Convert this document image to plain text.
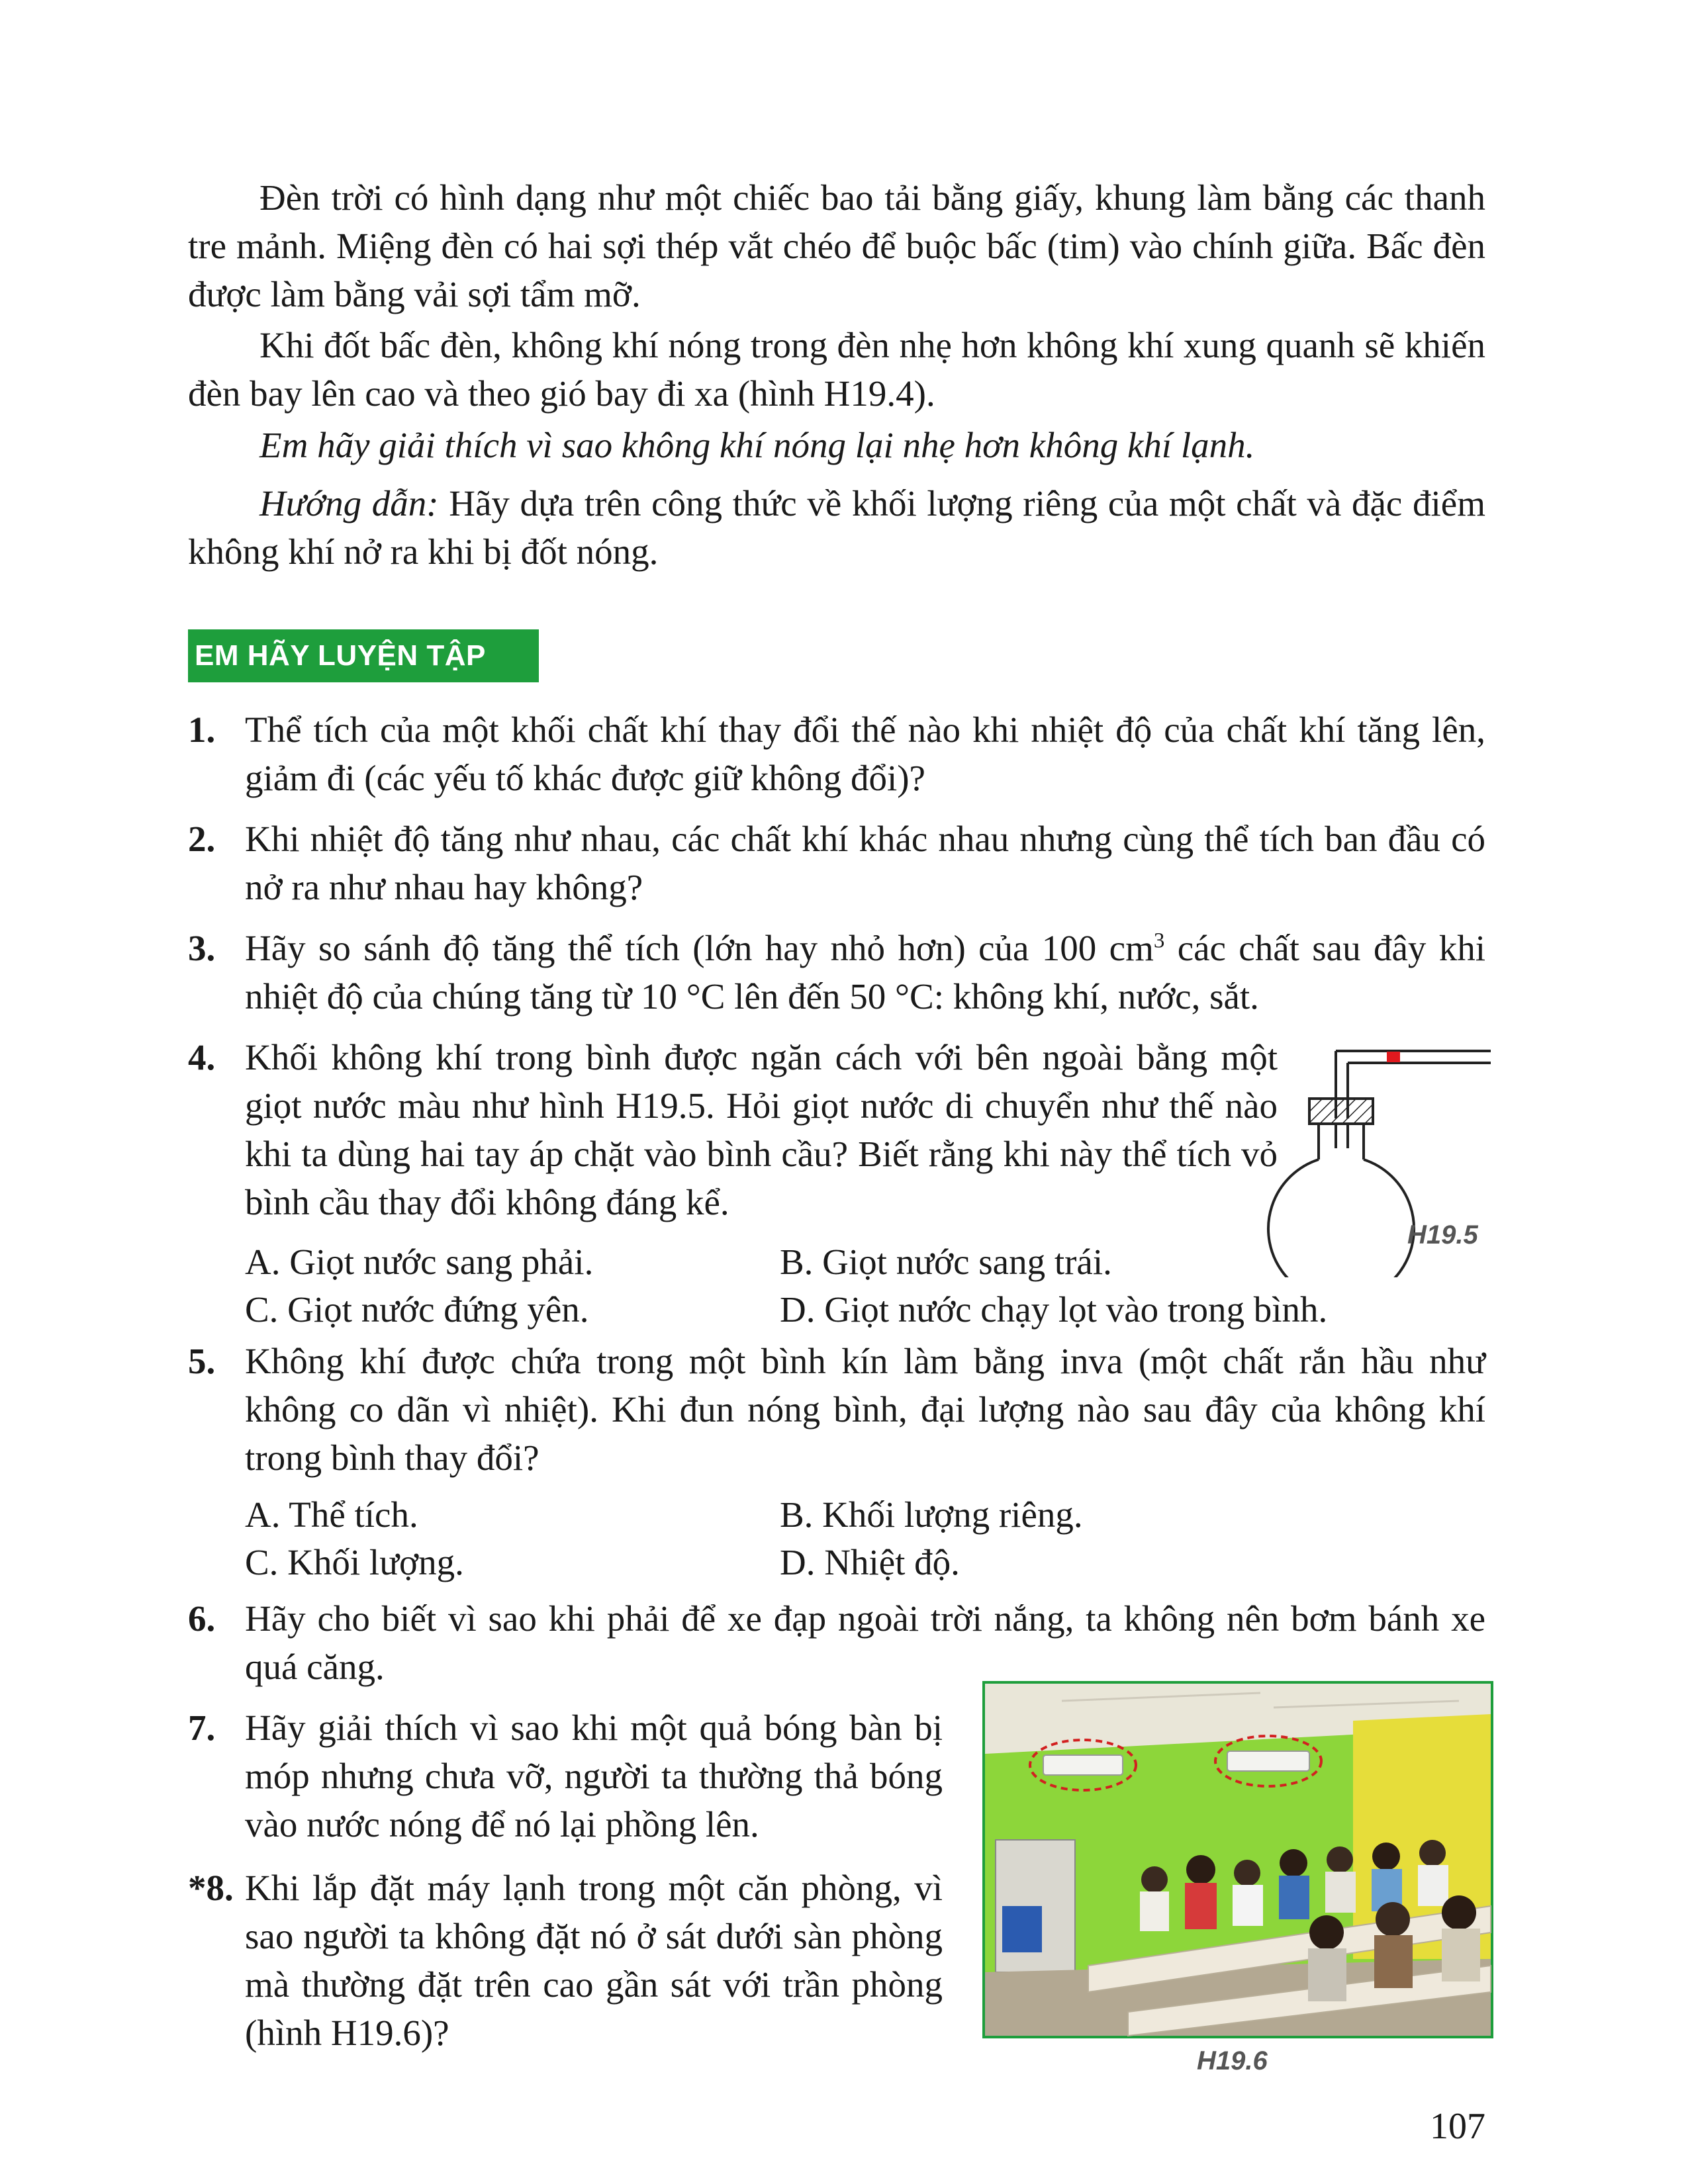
Đèn trời có hình dạng như một chiếc bao tải bằng giấy, khung làm bằng các thanh tre mảnh. Miệng đèn có hai sợi thép vắt chéo để buộc bấc (tim) vào chính giữa. Bấc đèn được làm bằng vải sợi tẩm mỡ.

Khi đốt bấc đèn, không khí nóng trong đèn nhẹ hơn không khí xung quanh sẽ khiến đèn bay lên cao và theo gió bay đi xa (hình H19.4).

Em hãy giải thích vì sao không khí nóng lại nhẹ hơn không khí lạnh.

Hướng dẫn: Hãy dựa trên công thức về khối lượng riêng của một chất và đặc điểm không khí nở ra khi bị đốt nóng.

EM HÃY LUYỆN TẬP
1. Thể tích của một khối chất khí thay đổi thế nào khi nhiệt độ của chất khí tăng lên, giảm đi (các yếu tố khác được giữ không đổi)?

2. Khi nhiệt độ tăng như nhau, các chất khí khác nhau nhưng cùng thể tích ban đầu có nở ra như nhau hay không?

3. Hãy so sánh độ tăng thể tích (lớn hay nhỏ hơn) của 100 $cm^3$ các chất sau đây khi nhiệt độ của chúng tăng từ 10 °C lên đến 50 °C: không khí, nước, sắt.

4. Khối không khí trong bình được ngăn cách với bên ngoài bằng một giọt nước màu như hình H19.5. Hỏi giọt nước di chuyển như thế nào khi ta dùng hai tay áp chặt vào bình cầu? Biết rằng khi này thể tích vỏ bình cầu thay đổi không đáng kể.

A. Giọt nước sang phải.	B. Giọt nước sang trái.
C. Giọt nước đứng yên.	D. Giọt nước chạy lọt vào trong bình.
H19.5
5. Không khí được chứa trong một bình kín làm bằng inva (một chất rắn hầu như không co dãn vì nhiệt). Khi đun nóng bình, đại lượng nào sau đây của không khí trong bình thay đổi?

A. Thể tích.	B. Khối lượng riêng.
C. Khối lượng.	D. Nhiệt độ.
6. Hãy cho biết vì sao khi phải để xe đạp ngoài trời nắng, ta không nên bơm bánh xe quá căng.

7. Hãy giải thích vì sao khi một quả bóng bàn bị móp nhưng chưa vỡ, người ta thường thả bóng vào nước nóng để nó lại phồng lên.

*8. Khi lắp đặt máy lạnh trong một căn phòng, vì sao người ta không đặt nó ở sát dưới sàn phòng mà thường đặt trên cao gần sát với trần phòng (hình H19.6)?

H19.6
107
